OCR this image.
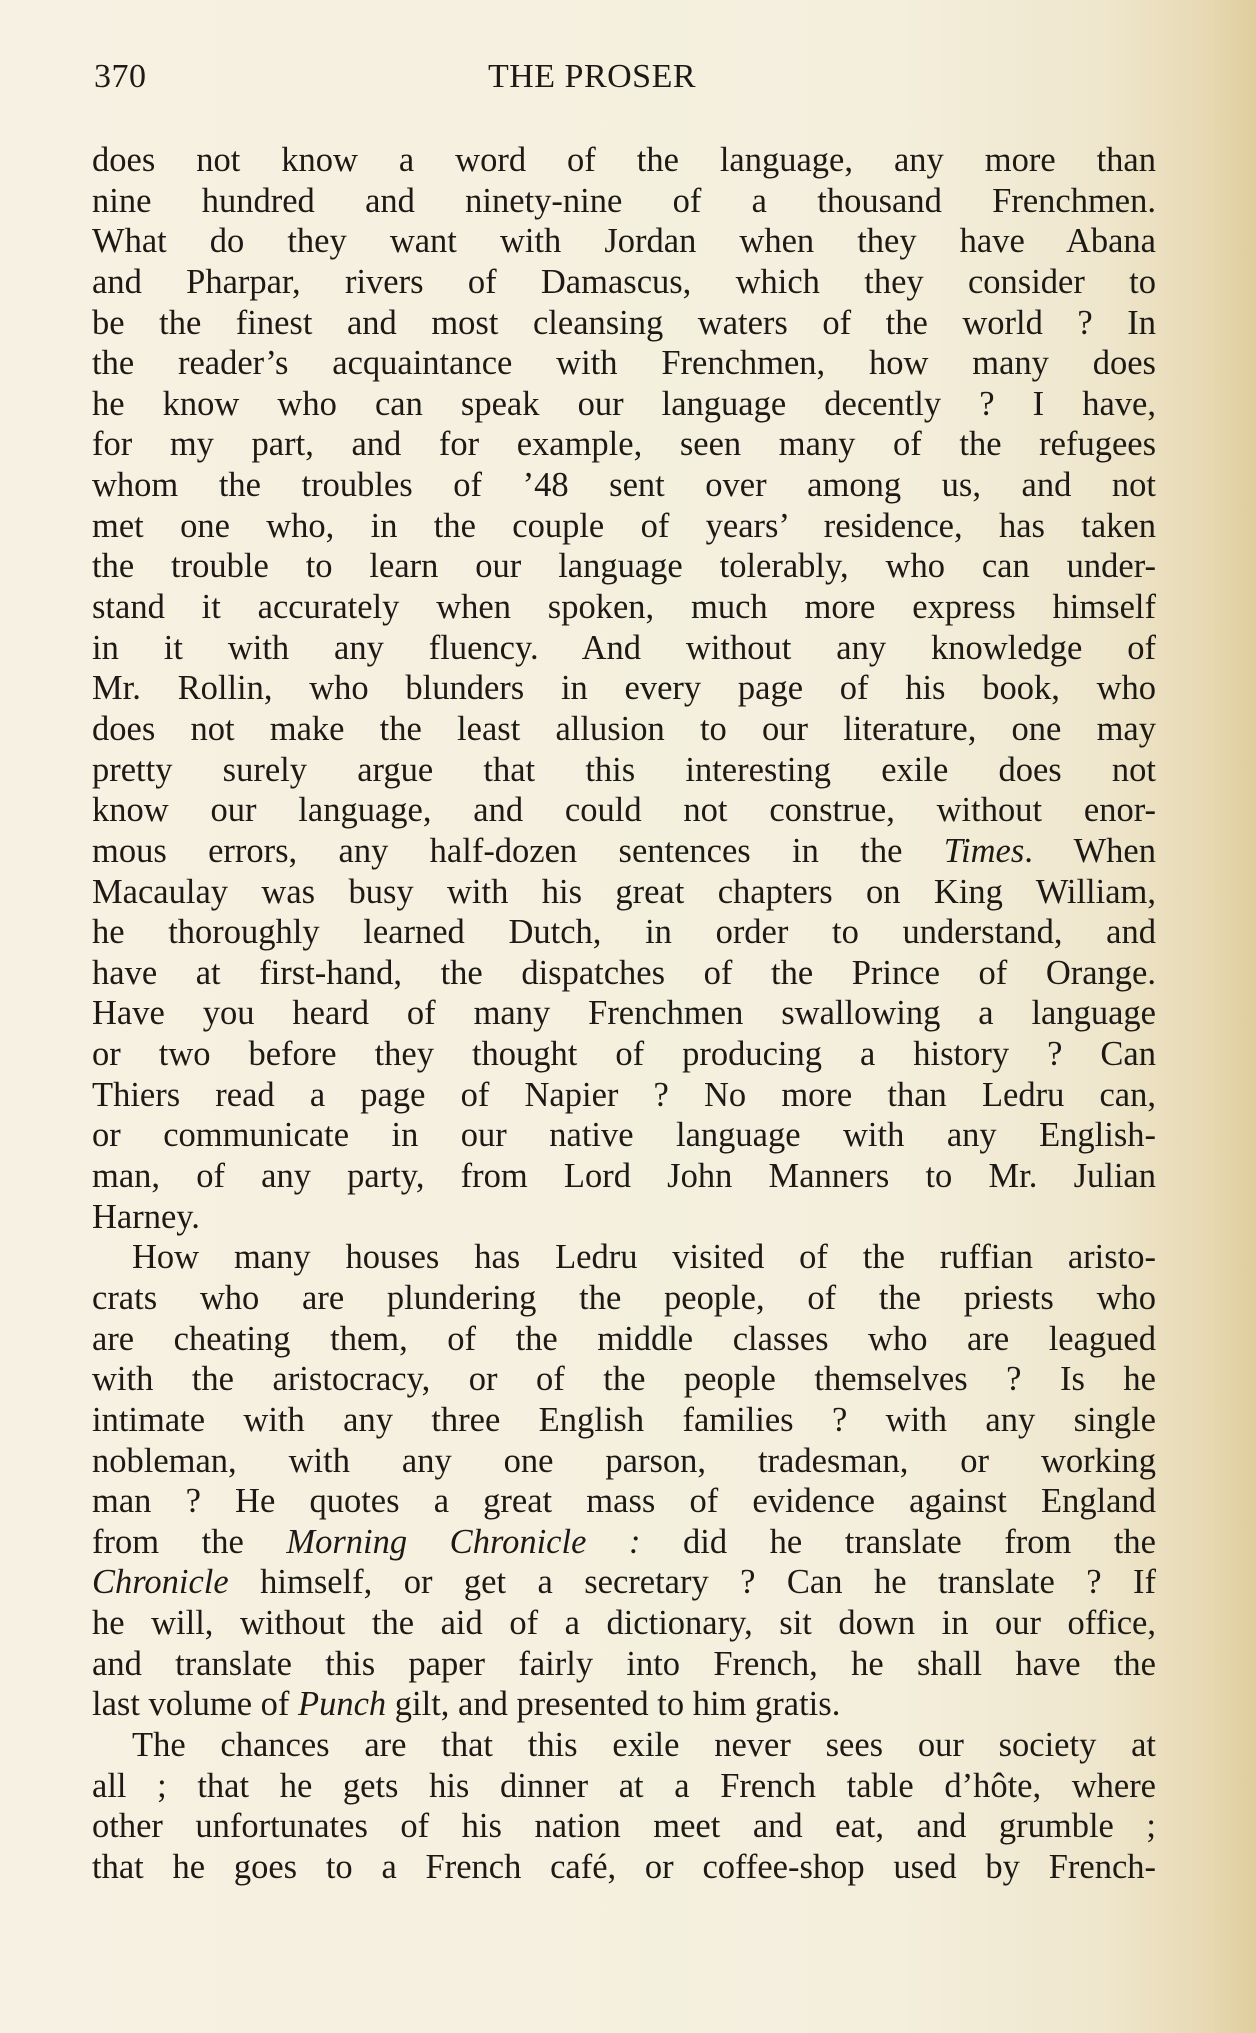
370	THE PROSER
does not know a word of the language, any more than
nine hundred and ninety-nine of a thousand Frenchmen.
What do they want with Jordan when they have Abana
and Pharpar, rivers of Damascus, which they consider to
be the finest and most cleansing waters of the world ? In
the reader’s acquaintance with Frenchmen, how many does
he know who can speak our language decently ? I have,
for my part, and for example, seen many of the refugees
whom the troubles of ’48 sent over among us, and not
met one who, in the couple of years’ residence, has taken
the trouble to learn our language tolerably, who can under-
stand it accurately when spoken, much more express himself
in it with any fluency. And without any knowledge of
Mr. Rollin, who blunders in every page of his book, who
does not make the least allusion to our literature, one may
pretty surely argue that this interesting exile does not
know our language, and could not construe, without enor-
mous errors, any half-dozen sentences in the Times. When
Macaulay was busy with his great chapters on King William,
he thoroughly learned Dutch, in order to understand, and
have at first-hand, the dispatches of the Prince of Orange.
Have you heard of many Frenchmen swallowing a language
or two before they thought of producing a history ? Can
Thiers read a page of Napier ? No more than Ledru can,
or communicate in our native language with any English-
man, of any party, from Lord John Manners to Mr. Julian
Harney.
How many houses has Ledru visited of the ruffian aristo-
crats who are plundering the people, of the priests who
are cheating them, of the middle classes who are leagued
with the aristocracy, or of the people themselves ? Is he
intimate with any three English families ? with any single
nobleman, with any one parson, tradesman, or working
man ? He quotes a great mass of evidence against England
from the Morning Chronicle : did he translate from the
Chronicle himself, or get a secretary ? Can he translate ? If
he will, without the aid of a dictionary, sit down in our office,
and translate this paper fairly into French, he shall have the
last volume of Punch gilt, and presented to him gratis.
The chances are that this exile never sees our society at
all ; that he gets his dinner at a French table d’hôte, where
other unfortunates of his nation meet and eat, and grumble ;
that he goes to a French café, or coffee-shop used by French-
